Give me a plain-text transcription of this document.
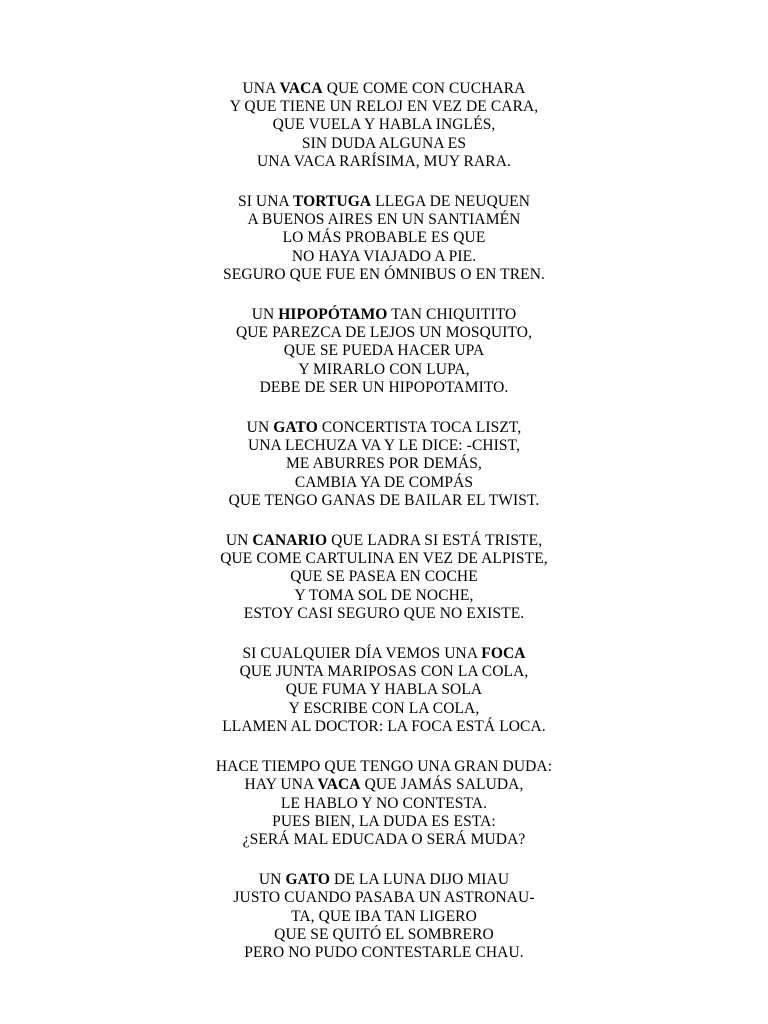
UNA VACA QUE COME CON CUCHARA
Y QUE TIENE UN RELOJ EN VEZ DE CARA,
QUE VUELA Y HABLA INGLÉS,
SIN DUDA ALGUNA ES
UNA VACA RARÍSIMA, MUY RARA.
SI UNA TORTUGA LLEGA DE NEUQUEN
A BUENOS AIRES EN UN SANTIAMÉN
LO MÁS PROBABLE ES QUE
NO HAYA VIAJADO A PIE.
SEGURO QUE FUE EN ÓMNIBUS O EN TREN.
UN HIPOPÓTAMO TAN CHIQUITITO
QUE PAREZCA DE LEJOS UN MOSQUITO,
QUE SE PUEDA HACER UPA
Y MIRARLO CON LUPA,
DEBE DE SER UN HIPOPOTAMITO.
UN GATO CONCERTISTA TOCA LISZT,
UNA LECHUZA VA Y LE DICE: -CHIST,
ME ABURRES POR DEMÁS,
CAMBIA YA DE COMPÁS
QUE TENGO GANAS DE BAILAR EL TWIST.
UN CANARIO QUE LADRA SI ESTÁ TRISTE,
QUE COME CARTULINA EN VEZ DE ALPISTE,
QUE SE PASEA EN COCHE
Y TOMA SOL DE NOCHE,
ESTOY CASI SEGURO QUE NO EXISTE.
SI CUALQUIER DÍA VEMOS UNA FOCA
QUE JUNTA MARIPOSAS CON LA COLA,
QUE FUMA Y HABLA SOLA
Y ESCRIBE CON LA COLA,
LLAMEN AL DOCTOR: LA FOCA ESTÁ LOCA.
HACE TIEMPO QUE TENGO UNA GRAN DUDA:
HAY UNA VACA QUE JAMÁS SALUDA,
LE HABLO Y NO CONTESTA.
PUES BIEN, LA DUDA ES ESTA:
¿SERÁ MAL EDUCADA O SERÁ MUDA?
UN GATO DE LA LUNA DIJO MIAU
JUSTO CUANDO PASABA UN ASTRONAU-
TA, QUE IBA TAN LIGERO
QUE SE QUITÓ EL SOMBRERO
PERO NO PUDO CONTESTARLE CHAU.
